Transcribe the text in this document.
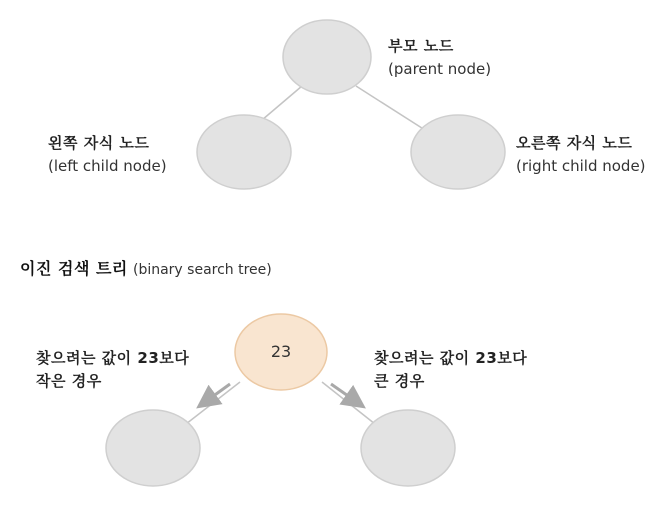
부모 노드
(parent node)
왼쪽 자식 노드
(left child node)
오른쪽 자식 노드
(right child node)
이진 검색 트리 (binary search tree)
23
찾으려는 값이 23보다
작은 경우
찾으려는 값이 23보다
큰 경우
